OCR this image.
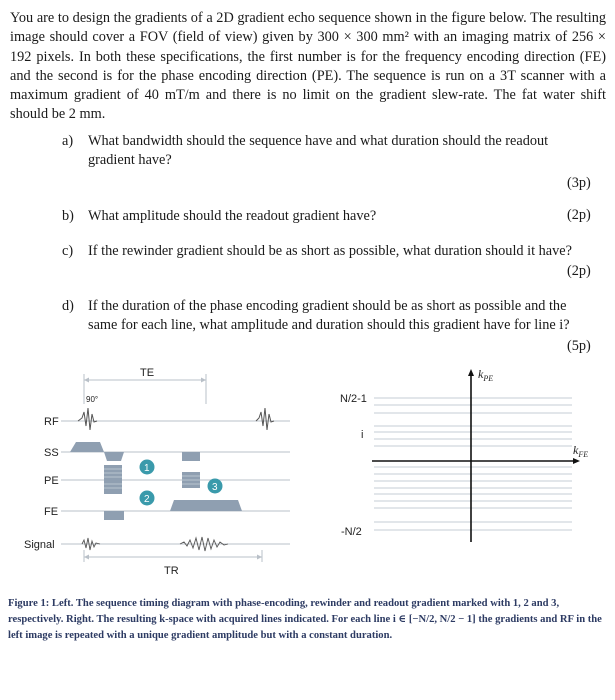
You are to design the gradients of a 2D gradient echo sequence shown in the figure below. The resulting image should cover a FOV (field of view) given by 300 × 300 mm² with an imaging matrix of 256 × 192 pixels. In both these specifications, the first number is for the frequency encoding direction (FE) and the second is for the phase encoding direction (PE). The sequence is run on a 3T scanner with a maximum gradient of 40 mT/m and there is no limit on the gradient slew-rate. The fat water shift should be 2 mm.
a) What bandwidth should the sequence have and what duration should the readout
gradient have?
(3p)
b) What amplitude should the readout gradient have?	(2p)
c) If the rewinder gradient should be as short as possible, what duration should it have?
(2p)
d) If the duration of the phase encoding gradient should be as short as possible and the
same for each line, what amplitude and duration should this gradient have for line i?
(5p)
RF
SS
PE
FE
Signal
TE
TR
90°
1
2
3
N/2-1
i
-N/2
$k_{PE}$
$k_{FE}$
Figure 1: Left. The sequence timing diagram with phase-encoding, rewinder and readout gradient marked with 1, 2 and 3, respectively. Right. The resulting k-space with acquired lines indicated. For each line i ∈ [−N/2, N/2 − 1] the gradients and RF in the left image is repeated with a unique gradient amplitude but with a constant duration.
